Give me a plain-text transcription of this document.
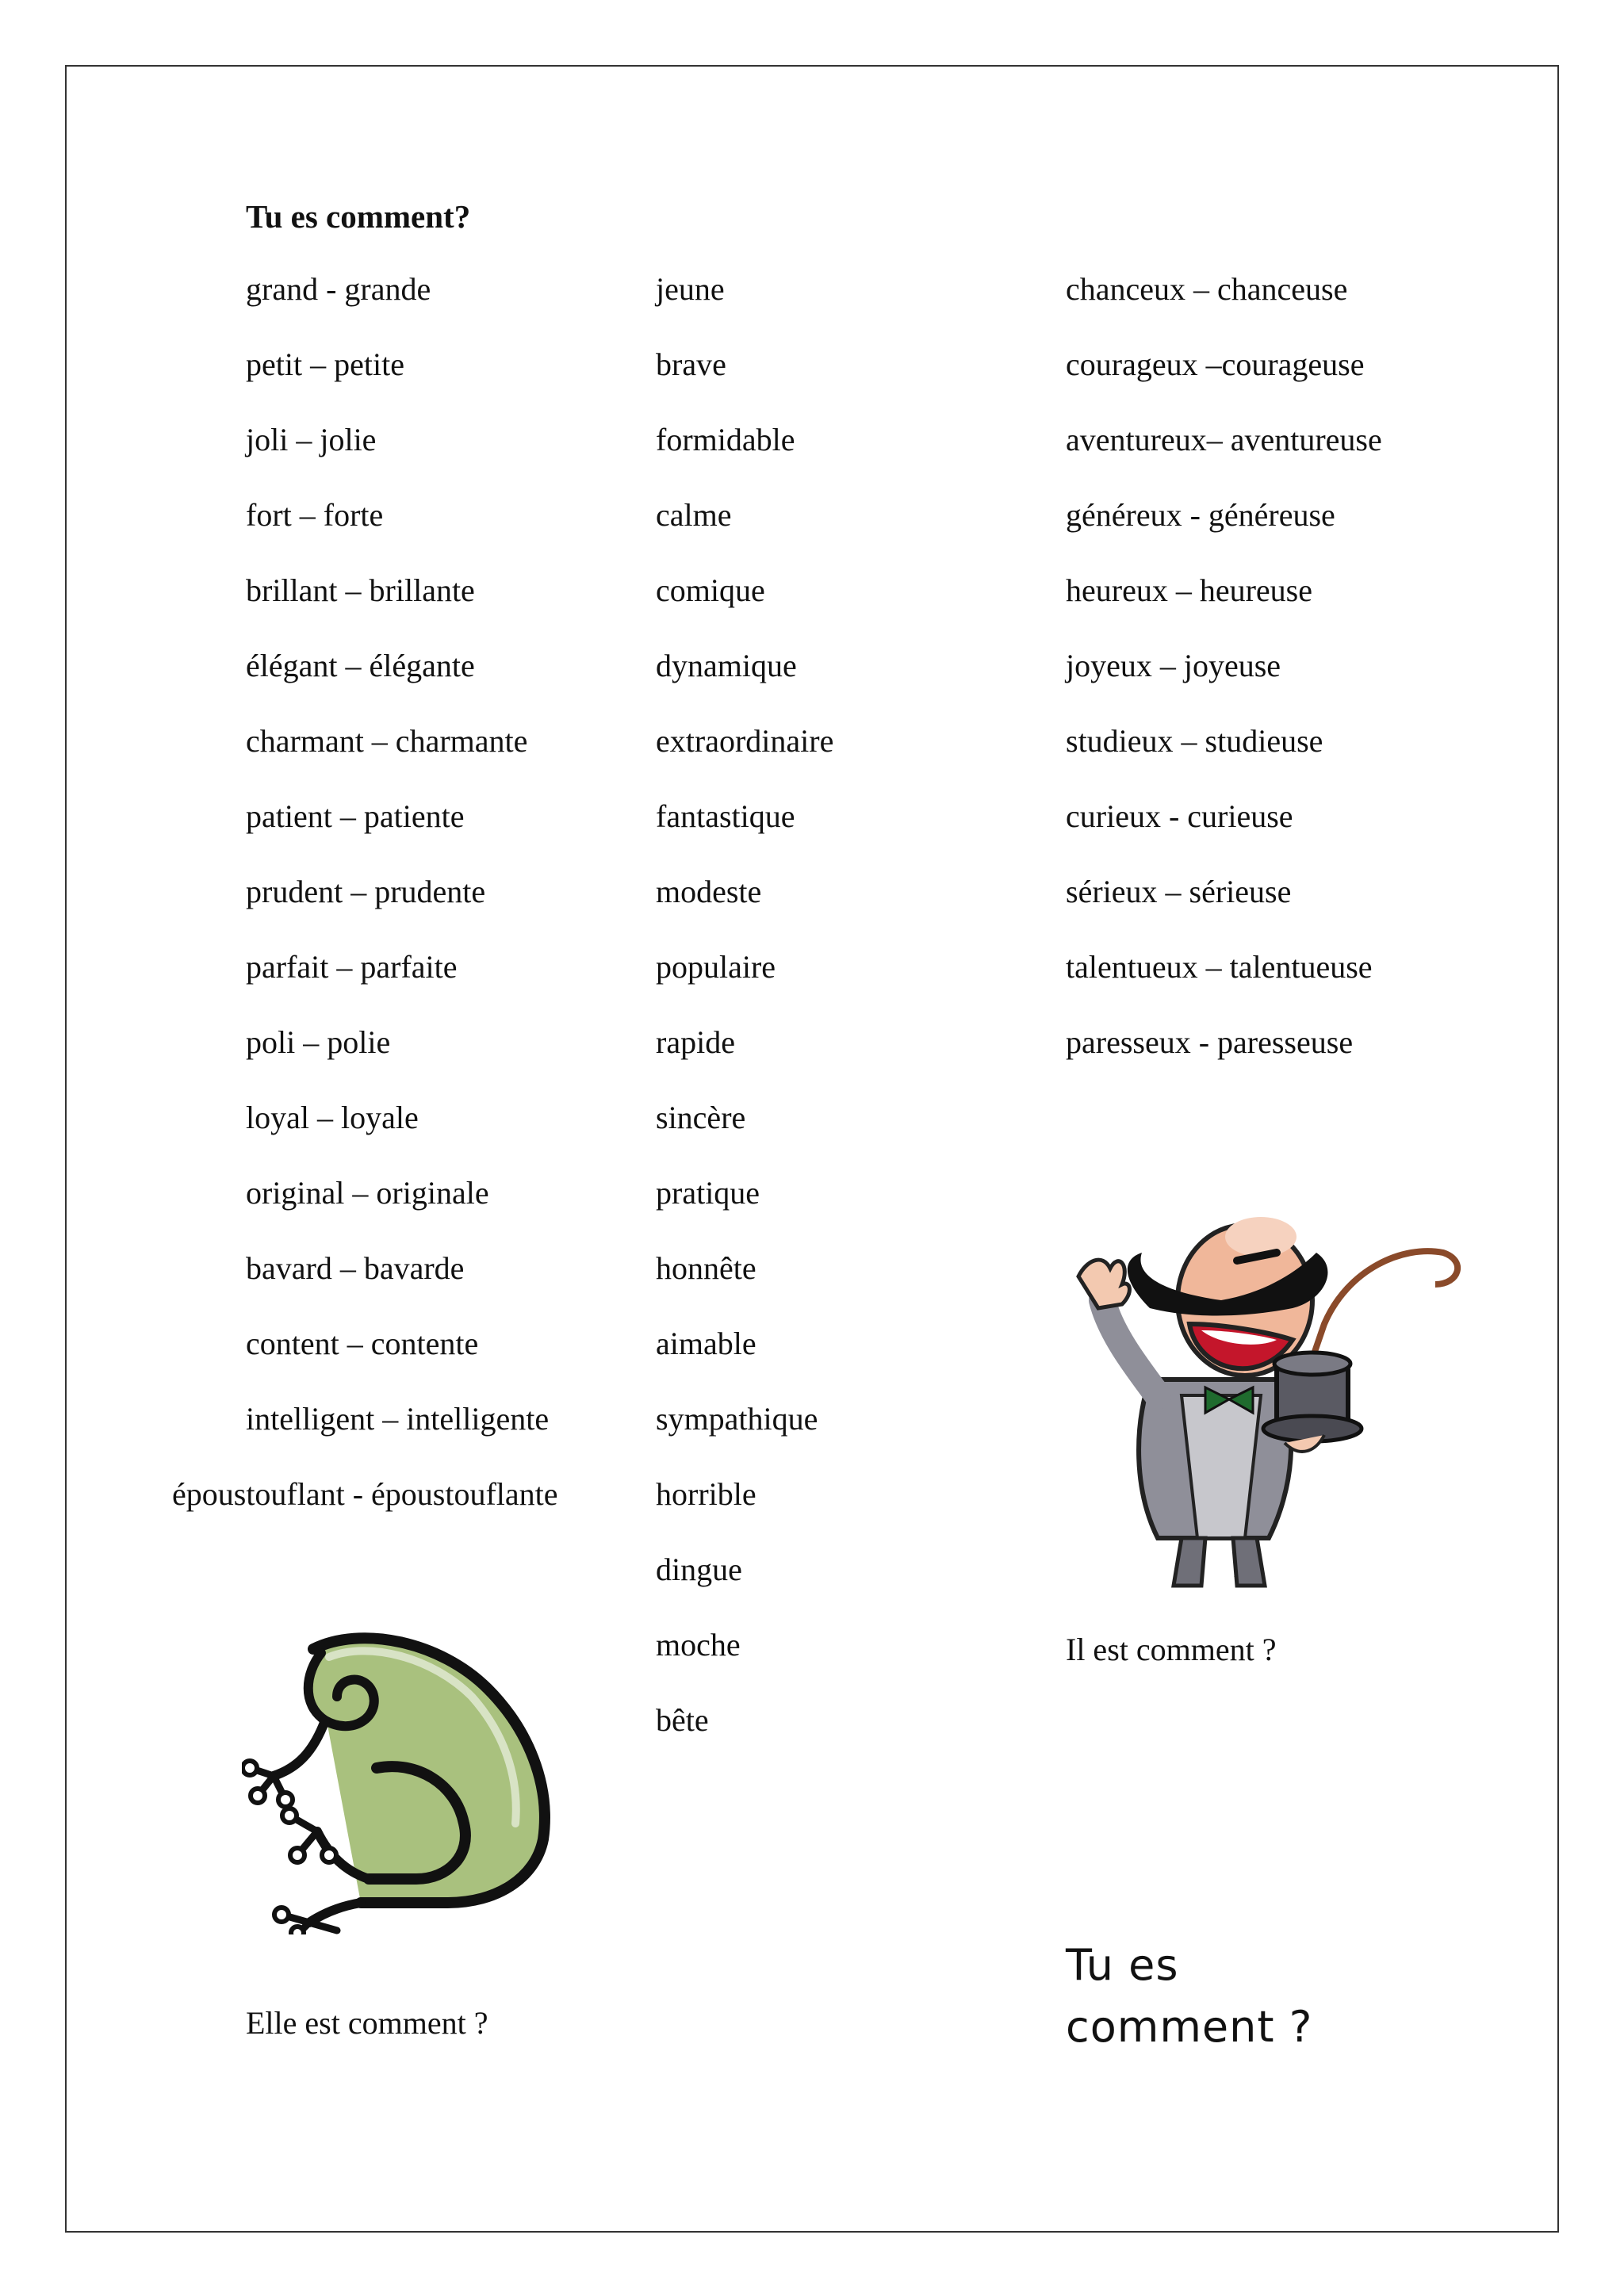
Tu es comment?
grand - grande
petit – petite
joli – jolie
fort – forte
brillant – brillante
élégant – élégante
charmant – charmante
patient – patiente
prudent – prudente
parfait – parfaite
poli – polie
loyal – loyale
original – originale
bavard – bavarde
content – contente
intelligent – intelligente
époustouflant - époustouflante
jeune
brave
formidable
calme
comique
dynamique
extraordinaire
fantastique
modeste
populaire
rapide
sincère
pratique
honnête
aimable
sympathique
horrible
dingue
moche
bête
chanceux – chanceuse
courageux –courageuse
aventureux– aventureuse
généreux - généreuse
heureux – heureuse
joyeux – joyeuse
studieux – studieuse
curieux - curieuse
sérieux – sérieuse
talentueux – talentueuse
paresseux - paresseuse
Elle est comment ?
Il est comment ?
Tu es
comment ?
